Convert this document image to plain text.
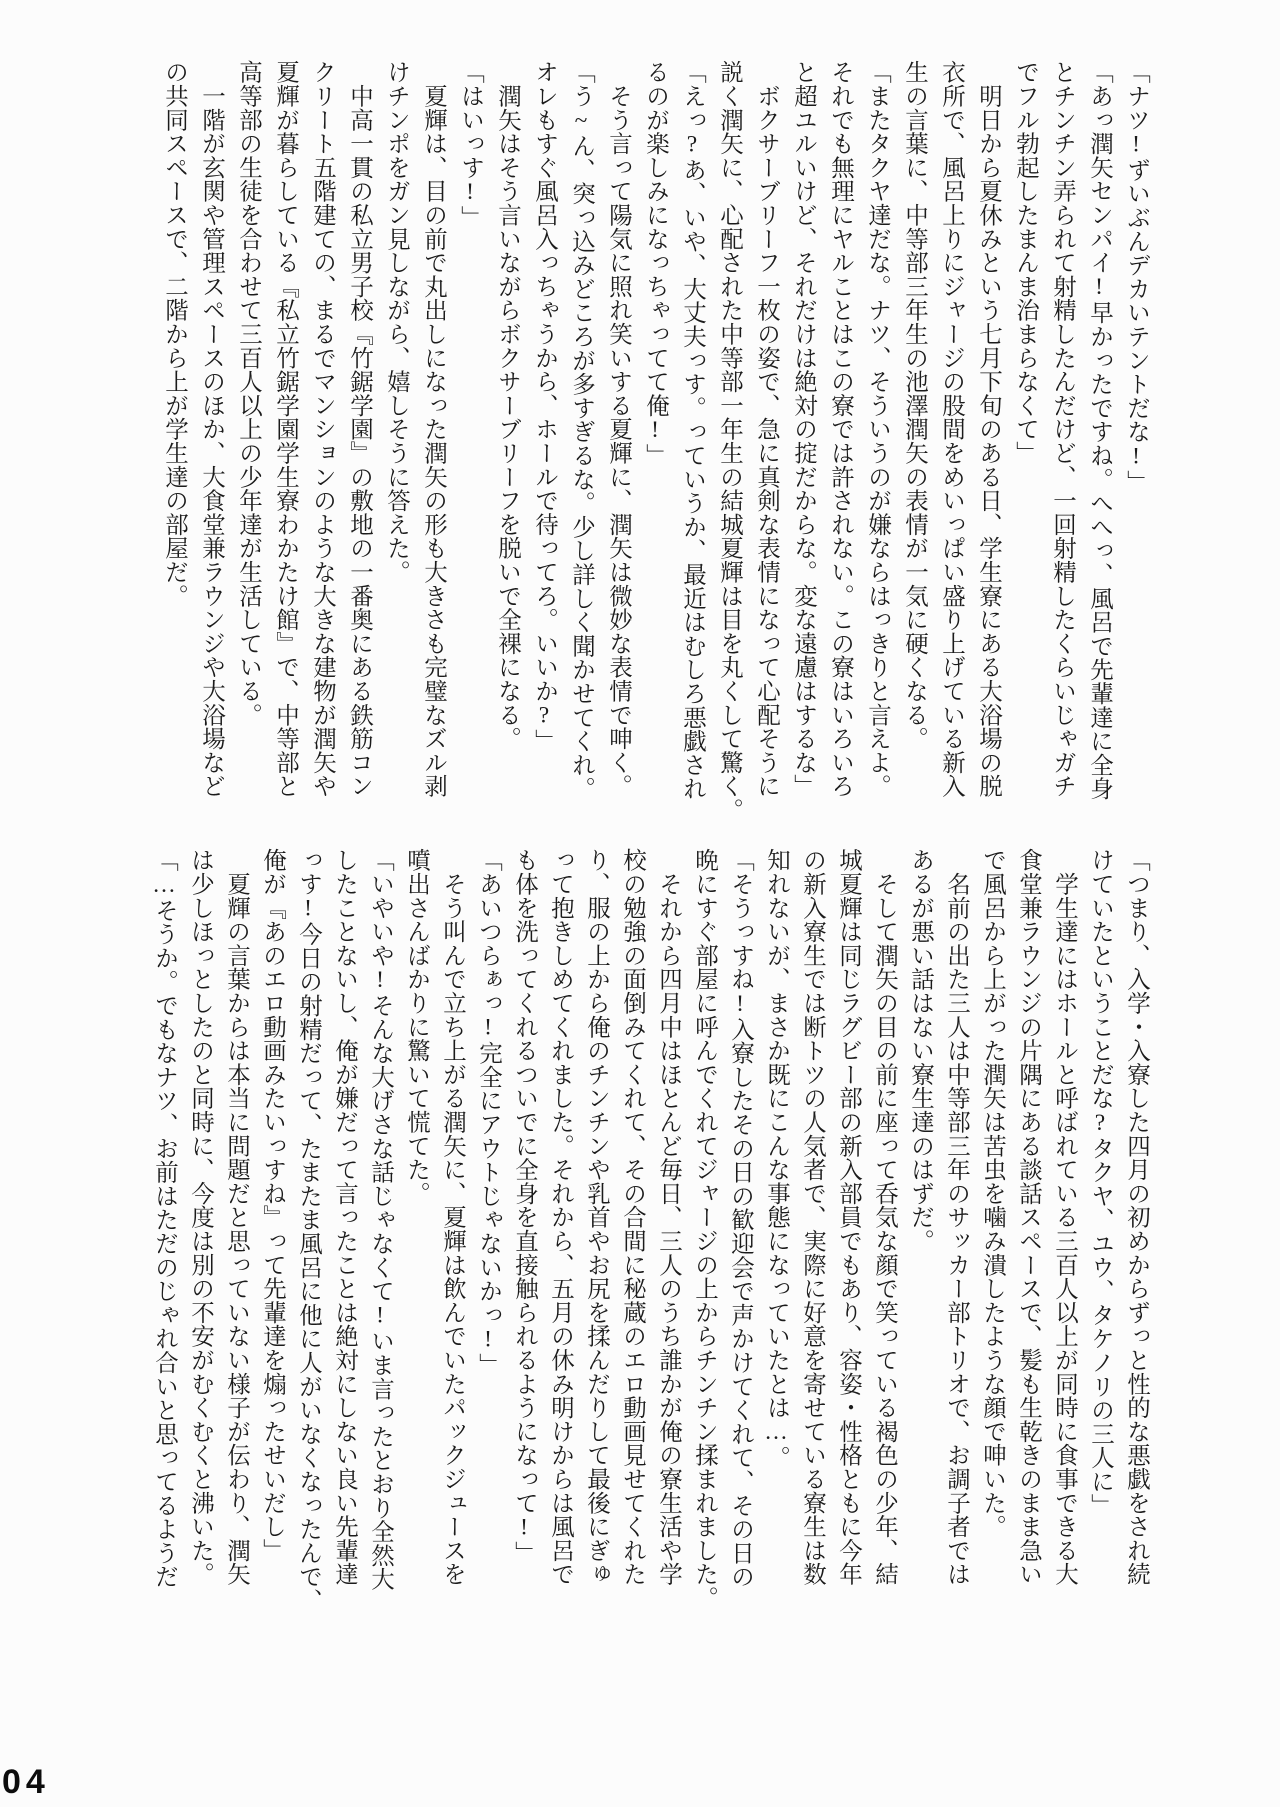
「ナツ!ずいぶんデカいテントだな!」
「あっ潤矢センパイ!早かったですね。へへっ、風呂で先輩達に全身
とチンチン弄られて射精したんだけど、一回射精したくらいじゃガチ
でフル勃起したまんま治まらなくて」
　明日から夏休みという七月下旬のある日、学生寮にある大浴場の脱
衣所で、風呂上りにジャージの股間をめいっぱい盛り上げている新入
生の言葉に、中等部三年生の池澤潤矢の表情が一気に硬くなる。
「またタクヤ達だな。ナツ、そういうのが嫌ならはっきりと言えよ。
それでも無理にヤルことはこの寮では許されない。この寮はいろいろ
と超ユルいけど、それだけは絶対の掟だからな。変な遠慮はするな」
　ボクサーブリーフ一枚の姿で、急に真剣な表情になって心配そうに
説く潤矢に、心配された中等部一年生の結城夏輝は目を丸くして驚く。
「えっ?あ、いや、大丈夫っす。っていうか、最近はむしろ悪戯され
るのが楽しみになっちゃってて俺!」
　そう言って陽気に照れ笑いする夏輝に、潤矢は微妙な表情で呻く。
「う~ん、突っ込みどころが多すぎるな。少し詳しく聞かせてくれ。
オレもすぐ風呂入っちゃうから、ホールで待ってろ。いいか?」
　潤矢はそう言いながらボクサーブリーフを脱いで全裸になる。
「はいっす!」
　夏輝は、目の前で丸出しになった潤矢の形も大きさも完璧なズル剥
けチンポをガン見しながら、嬉しそうに答えた。
　中高一貫の私立男子校『竹鋸学園』の敷地の一番奥にある鉄筋コン
クリート五階建ての、まるでマンションのような大きな建物が潤矢や
夏輝が暮らしている『私立竹鋸学園学生寮わかたけ館』で、中等部と
高等部の生徒を合わせて三百人以上の少年達が生活している。
　一階が玄関や管理スペースのほか、大食堂兼ラウンジや大浴場など
の共同スペースで、二階から上が学生達の部屋だ。
「つまり、入学・入寮した四月の初めからずっと性的な悪戯をされ続
けていたということだな?タクヤ、ユウ、タケノリの三人に」
　学生達にはホールと呼ばれている三百人以上が同時に食事できる大
食堂兼ラウンジの片隅にある談話スペースで、髪も生乾きのまま急い
で風呂から上がった潤矢は苦虫を噛み潰したような顔で呻いた。
　名前の出た三人は中等部三年のサッカー部トリオで、お調子者では
あるが悪い話はない寮生達のはずだ。
　そして潤矢の目の前に座って呑気な顔で笑っている褐色の少年、結
城夏輝は同じラグビー部の新入部員でもあり、容姿・性格ともに今年
の新入寮生では断トツの人気者で、実際に好意を寄せている寮生は数
知れないが、まさか既にこんな事態になっていたとは…。
「そうっすね!入寮したその日の歓迎会で声かけてくれて、その日の
晩にすぐ部屋に呼んでくれてジャージの上からチンチン揉まれました。
　それから四月中はほとんど毎日、三人のうち誰かが俺の寮生活や学
校の勉強の面倒みてくれて、その合間に秘蔵のエロ動画見せてくれた
り、服の上から俺のチンチンや乳首やお尻を揉んだりして最後にぎゅ
って抱きしめてくれました。それから、五月の休み明けからは風呂で
も体を洗ってくれるついでに全身を直接触られるようになって!」
「あいつらぁっ!完全にアウトじゃないかっ!」
　そう叫んで立ち上がる潤矢に、夏輝は飲んでいたパックジュースを
噴出さんばかりに驚いて慌てた。
「いやいや!そんな大げさな話じゃなくて!いま言ったとおり全然大
したことないし、俺が嫌だって言ったことは絶対にしない良い先輩達
っす!今日の射精だって、たまたま風呂に他に人がいなくなったんで、
俺が『あのエロ動画みたいっすね』って先輩達を煽ったせいだし」
　夏輝の言葉からは本当に問題だと思っていない様子が伝わり、潤矢
は少しほっとしたのと同時に、今度は別の不安がむくむくと沸いた。
「…そうか。でもなナツ、お前はただのじゃれ合いと思ってるようだ
04
